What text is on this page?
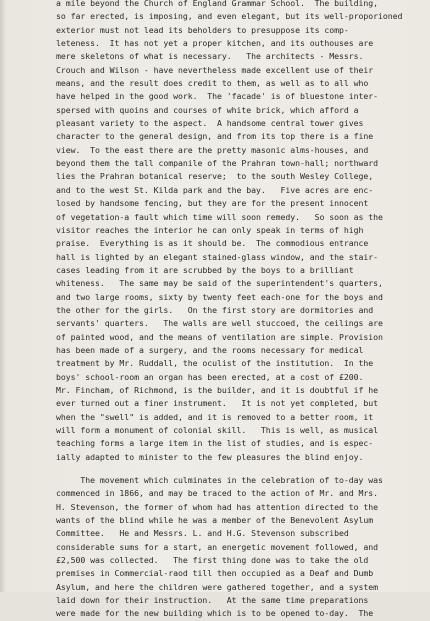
a mile beyond the Church of England Grammar School.  The building,
so far erected, is imposing, and even elegant, but its well-proporioned
exterior must not lead its beholders to presuppose its comp-
leteness.  It has not yet a proper kitchen, and its outhouses are
mere skeletons of what is necessary.   The architects - Messrs.
Crouch and Wilson - have nevertheless made excellent use of their
means, and the result does credit to them, as well as to all who
have helped in the good work.  The 'facade' is of bluestone inter-
spersed with quoins and courses of white brick, which afford a
pleasant variety to the aspect.  A handsome central tower gives
character to the general design, and from its top there is a fine
view.  To the east there are the pretty masonic alms-houses, and
beyond them the tall companile of the Prahran town-hall; northward
lies the Prahran botanical reserve;  to the south Wesley College,
and to the west St. Kilda park and the bay.   Five acres are enc-
losed by handsome fencing, but they are for the present innocent
of vegetation-a fault which time will soon remedy.   So soon as the
visitor reaches the interior he can only speak in terms of high
praise.  Everything is as it should be.  The commodious entrance
hall is lighted by an elegant stained-glass window, and the stair-
cases leading from it are scrubbed by the boys to a brilliant
whiteness.   The same may be said of the superintendent's quarters,
and two large rooms, sixty by twenty feet each-one for the boys and
the other for the girls.   On the first story are dormitories and
servants' quarters.   The walls are well stuccoed, the ceilings are
of painted wood, and the means of ventilation are simple. Provision
has been made of a surgery, and the rooms necessary for medical
treatment by Mr. Ruddall, the oculist of the institution.  In the
boys' school-room an organ has been erected, at a cost of £200.
Mr. Fincham, of Richmond, is the builder, and it is doubtful if he
ever turned out a finer instrument.   It is not yet completed, but
when the "swell" is added, and it is removed to a better room, it
will form a monument of colonial skill.   This is well, as musical
teaching forms a large item in the list of studies, and is espec-
ially adapted to minister to the few pleasures the blind enjoy.
The movement which culminates in the celebration of to-day was
commenced in 1866, and may be traced to the action of Mr. and Mrs.
H. Stevenson, the former of whom had has attention directed to the
wants of the blind while he was a member of the Benevolent Asylum
Committee.   He and Messrs. L. and H.G. Stevenson subscribed
considerable sums for a start, an energetic movement followed, and
£2,500 was collected.   The first thing done was to take the old
premises in Commercial-raod till then occupied as a Deaf and Dumb
Asylum, and here the children were gathered together, and a system
laid down for their instruction.   At the same time preparations
were made for the new building which is to be opened to-day.  The
